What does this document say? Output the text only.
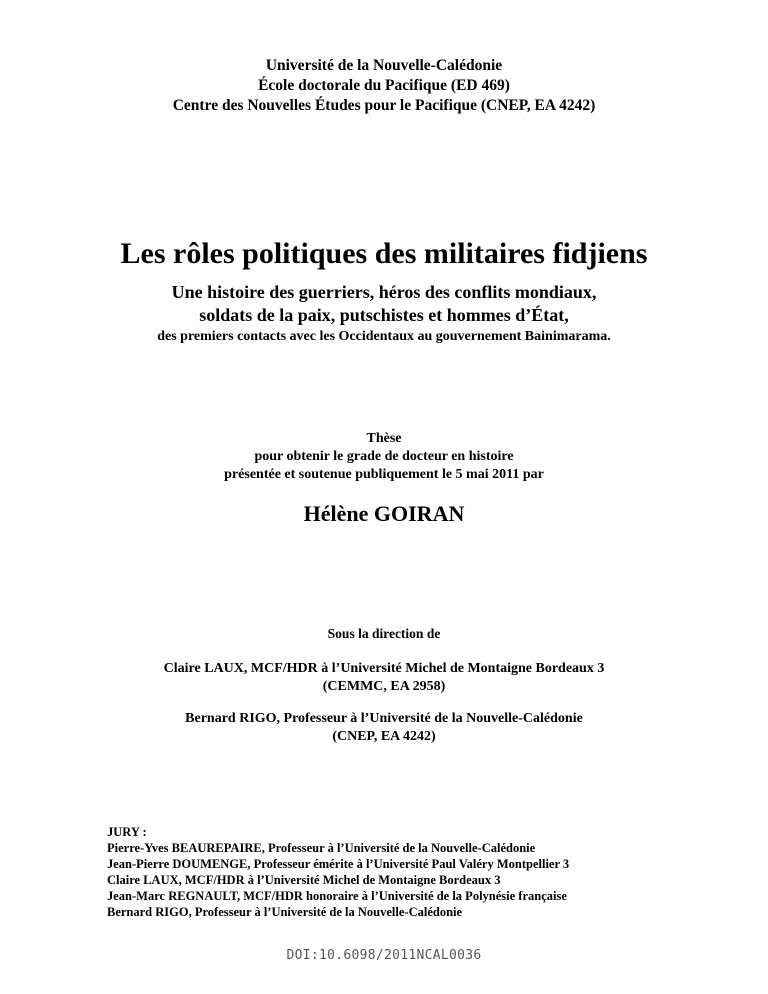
Université de la Nouvelle-Calédonie
École doctorale du Pacifique (ED 469)
Centre des Nouvelles Études pour le Pacifique (CNEP, EA 4242)
Les rôles politiques des militaires fidjiens
Une histoire des guerriers, héros des conflits mondiaux,
soldats de la paix, putschistes et hommes d’État,
des premiers contacts avec les Occidentaux au gouvernement Bainimarama.
Thèse
pour obtenir le grade de docteur en histoire
présentée et soutenue publiquement le 5 mai 2011 par
Hélène GOIRAN
Sous la direction de
Claire LAUX, MCF/HDR à l’Université Michel de Montaigne Bordeaux 3
(CEMMC, EA 2958)
Bernard RIGO, Professeur à l’Université de la Nouvelle-Calédonie
(CNEP, EA 4242)
JURY :
Pierre-Yves BEAUREPAIRE, Professeur à l’Université de la Nouvelle-Calédonie
Jean-Pierre DOUMENGE, Professeur émérite à l’Université Paul Valéry Montpellier 3
Claire LAUX, MCF/HDR à l’Université Michel de Montaigne Bordeaux 3
Jean-Marc REGNAULT, MCF/HDR honoraire à l’Université de la Polynésie française
Bernard RIGO, Professeur à l’Université de la Nouvelle-Calédonie
DOI:10.6098/2011NCAL0036
